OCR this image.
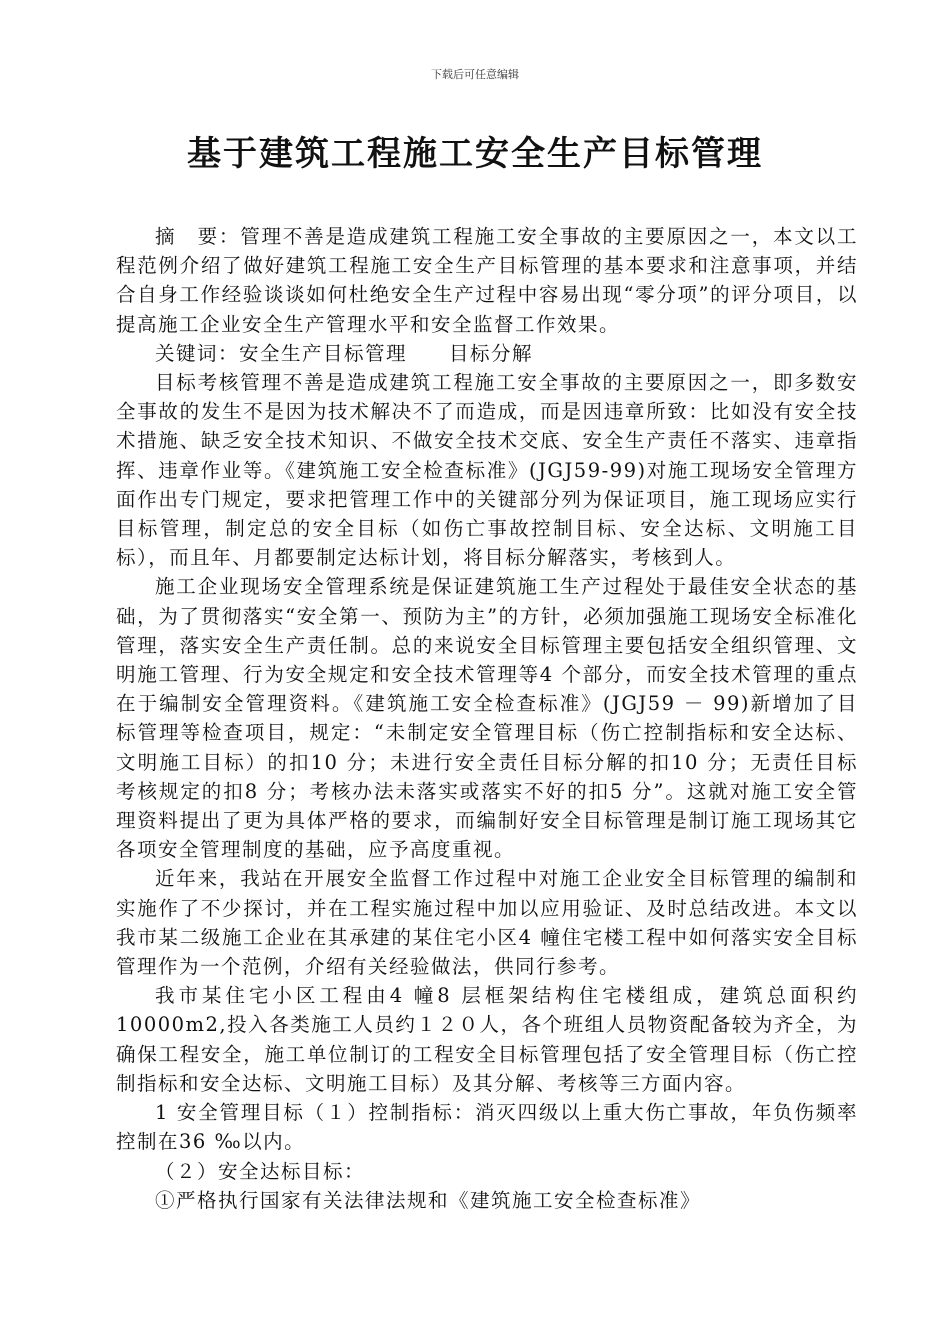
下载后可任意编辑
基于建筑工程施工安全生产目标管理

摘　要：管理不善是造成建筑工程施工安全事故的主要原因之一，本文以工程范例介绍了做好建筑工程施工安全生产目标管理的基本要求和注意事项，并结合自身工作经验谈谈如何杜绝安全生产过程中容易出现“零分项”的评分项目，以提高施工企业安全生产管理水平和安全监督工作效果。

关键词：安全生产目标管理　　目标分解

目标考核管理不善是造成建筑工程施工安全事故的主要原因之一，即多数安全事故的发生不是因为技术解决不了而造成，而是因违章所致：比如没有安全技术措施、缺乏安全技术知识、不做安全技术交底、安全生产责任不落实、违章指挥、违章作业等。《建筑施工安全检查标准》(JGJ59-99)对施工现场安全管理方面作出专门规定，要求把管理工作中的关键部分列为保证项目，施工现场应实行目标管理，制定总的安全目标（如伤亡事故控制目标、安全达标、文明施工目标），而且年、月都要制定达标计划，将目标分解落实，考核到人。

施工企业现场安全管理系统是保证建筑施工生产过程处于最佳安全状态的基础，为了贯彻落实“安全第一、预防为主”的方针，必须加强施工现场安全标准化管理，落实安全生产责任制。总的来说安全目标管理主要包括安全组织管理、文明施工管理、行为安全规定和安全技术管理等4 个部分，而安全技术管理的重点在于编制安全管理资料。《建筑施工安全检查标准》(JGJ59 － 99)新增加了目标管理等检查项目，规定：“未制定安全管理目标（伤亡控制指标和安全达标、文明施工目标）的扣10 分；未进行安全责任目标分解的扣10 分；无责任目标考核规定的扣8 分；考核办法未落实或落实不好的扣5 分”。这就对施工安全管理资料提出了更为具体严格的要求，而编制好安全目标管理是制订施工现场其它各项安全管理制度的基础，应予高度重视。

近年来，我站在开展安全监督工作过程中对施工企业安全目标管理的编制和实施作了不少探讨，并在工程实施过程中加以应用验证、及时总结改进。本文以我市某二级施工企业在其承建的某住宅小区4 幢住宅楼工程中如何落实安全目标管理作为一个范例，介绍有关经验做法，供同行参考。

我市某住宅小区工程由4 幢8 层框架结构住宅楼组成，建筑总面积约10000m2,投入各类施工人员约１２０人，各个班组人员物资配备较为齐全，为确保工程安全，施工单位制订的工程安全目标管理包括了安全管理目标（伤亡控制指标和安全达标、文明施工目标）及其分解、考核等三方面内容。

1 安全管理目标（１）控制指标：消灭四级以上重大伤亡事故，年负伤频率控制在36 ‰以内。

（２）安全达标目标：

①严格执行国家有关法律法规和《建筑施工安全检查标准》
